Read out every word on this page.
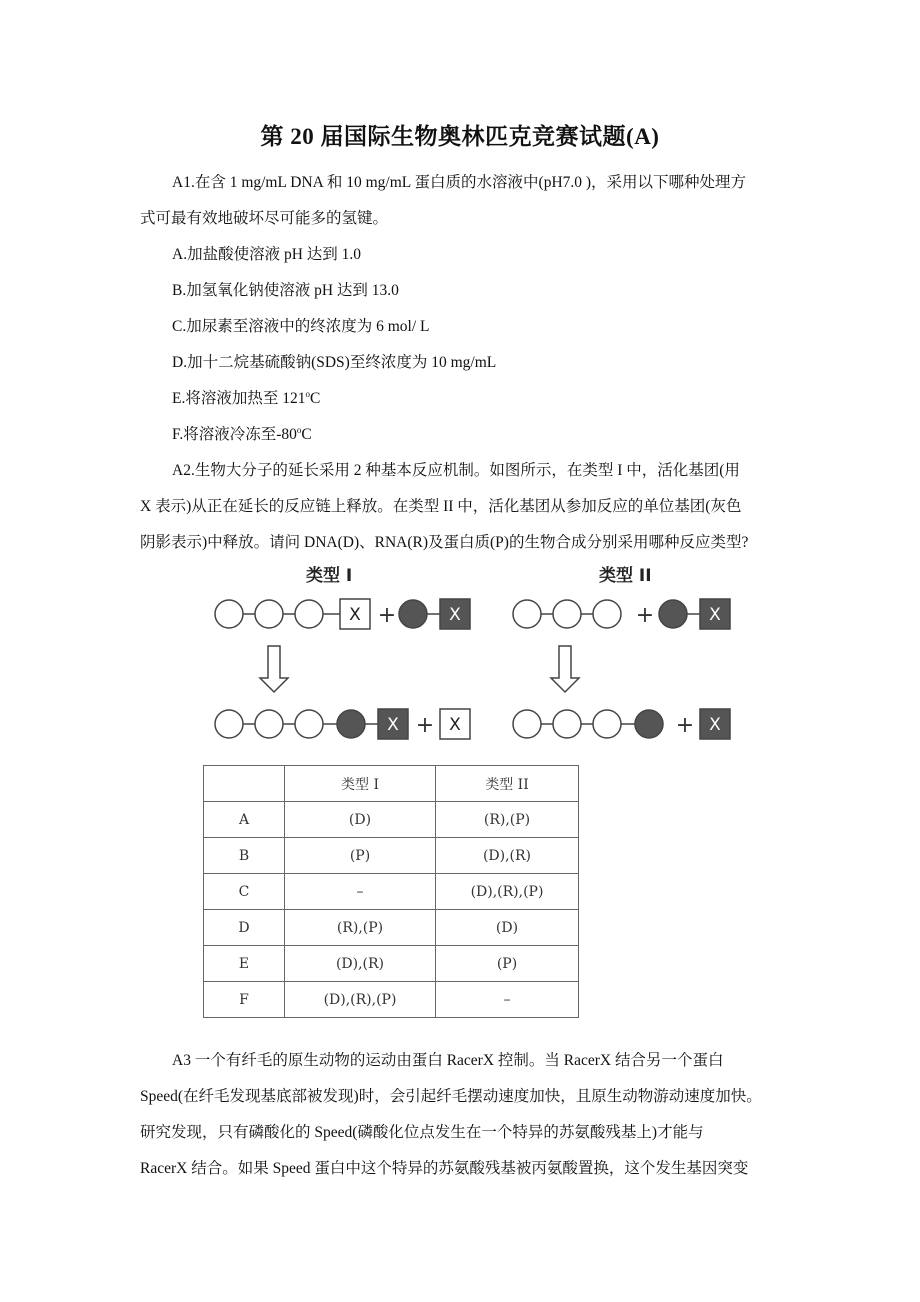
第 20 届国际生物奥林匹克竞赛试题(A)
A1.在含 1 mg/mL DNA 和 10 mg/mL 蛋白质的水溶液中(pH7.0 )，采用以下哪种处理方
式可最有效地破坏尽可能多的氢键。
A.加盐酸使溶液 pH 达到 1.0
B.加氢氧化钠使溶液 pH 达到 13.0
C.加尿素至溶液中的终浓度为 6 mol/ L
D.加十二烷基硫酸钠(SDS)至终浓度为 10 mg/mL
E.将溶液加热至 121$^o$C
F.将溶液冷冻至-80$^o$C
A2.生物大分子的延长采用 2 种基本反应机制。如图所示，在类型 I 中，活化基团(用
X 表示)从正在延长的反应链上释放。在类型 II 中，活化基团从参加反应的单位基团(灰色
阴影表示)中释放。请问 DNA(D)、RNA(R)及蛋白质(P)的生物合成分别采用哪种反应类型?
类型 I	类型 II
X	X
X	X
X
X
+
+
+
+
	类型 I	类型 II
A	(D)	(R),(P)
B	(P)	(D),(R)
C	–	(D),(R),(P)
D	(R),(P)	(D)
E	(D),(R)	(P)
F	(D),(R),(P)	–
A3 一个有纤毛的原生动物的运动由蛋白 RacerX 控制。当 RacerX 结合另一个蛋白
Speed(在纤毛发现基底部被发现)时，会引起纤毛摆动速度加快，且原生动物游动速度加快。
研究发现，只有磷酸化的 Speed(磷酸化位点发生在一个特异的苏氨酸残基上)才能与
RacerX 结合。如果 Speed 蛋白中这个特异的苏氨酸残基被丙氨酸置换，这个发生基因突变
